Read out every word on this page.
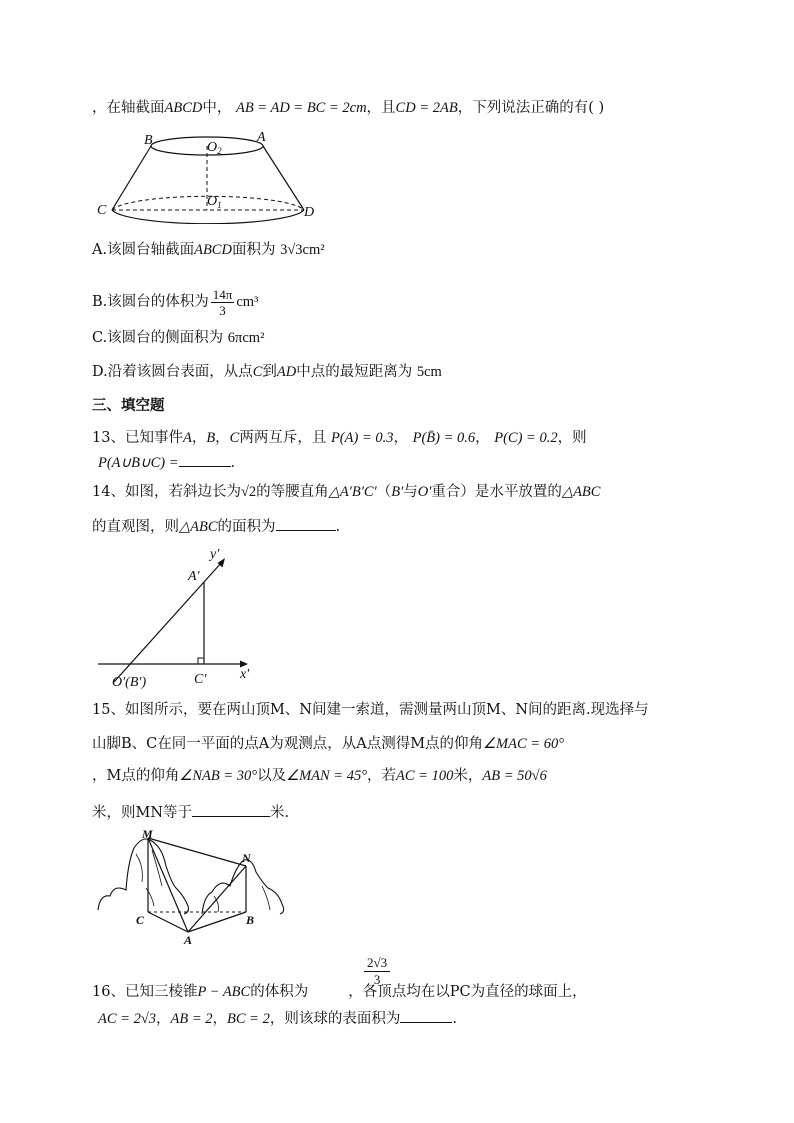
，在轴截面ABCD中， AB = AD = BC = 2cm，且CD = 2AB，下列说法正确的有( )
B	A
$O_2$
$O_1$
C	D
A.该圆台轴截面ABCD面积为 3√3cm²
B.该圆台的体积为 $\frac{14\pi}{3} cm^3$
C.该圆台的侧面积为 6πcm²
D.沿着该圆台表面，从点C到AD中点的最短距离为 5cm
三、填空题
13、已知事件A，B，C两两互斥，且 P(A) = 0.3， P(B̄) = 0.6， P(C) = 0.2，则
P(A∪B∪C) =	.
14、如图，若斜边长为√2的等腰直角△A′B′C′（B′与O′重合）是水平放置的△ABC
的直观图，则△ABC的面积为	.
y′
A′
O′(B′)	C′ x′
15、如图所示，要在两山顶M、N间建一索道，需测量两山顶M、N间的距离.现选择与
山脚B、C在同一平面的点A为观测点，从A点测得M点的仰角∠MAC = 60°
，M点的仰角∠NAB = 30°以及∠MAN = 45°，若AC = 100米，AB = 50√6
米，则MN等于	米.
M
N
C	B
A
2√3
3
16、已知三棱锥P − ABC的体积为	，各顶点均在以PC为直径的球面上，
AC = 2√3，AB = 2，BC = 2，则该球的表面积为	.
